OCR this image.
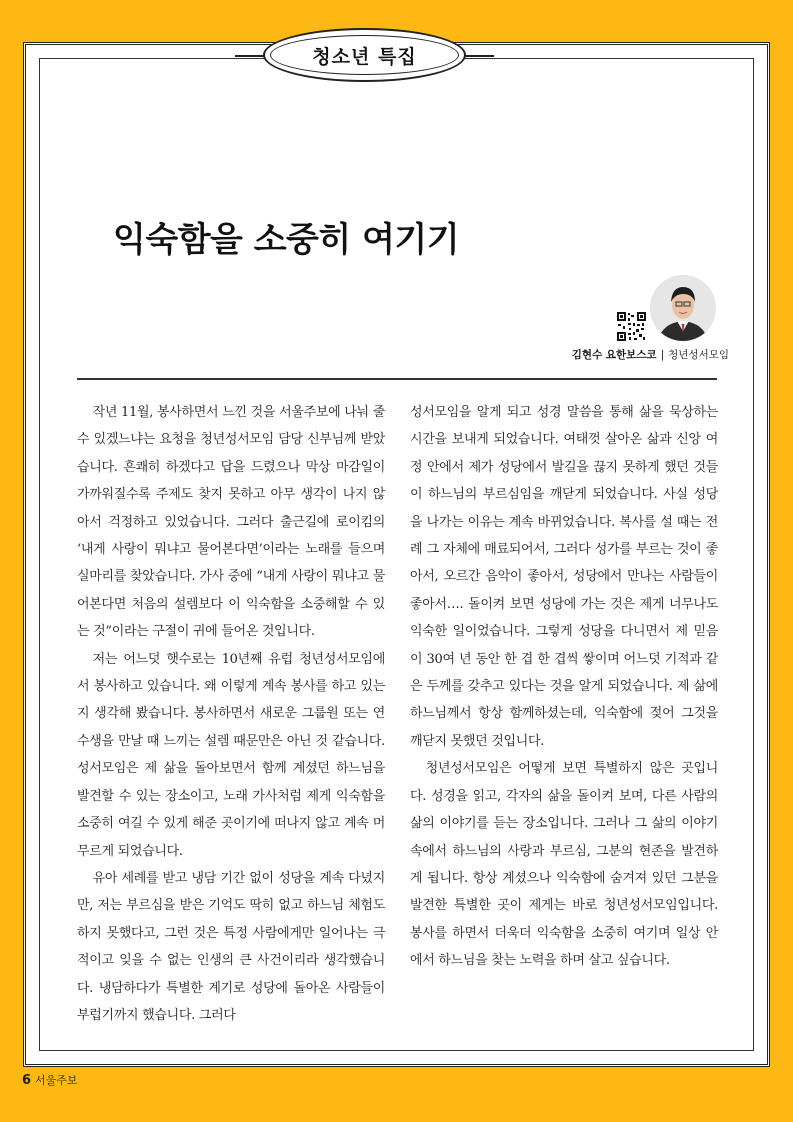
청소년 특집
익숙함을 소중히 여기기
김현수 요한보스코 | 청년성서모임

작년 11월, 봉사하면서 느낀 것을 서울주보에 나눠 줄 수 있겠느냐는 요청을 청년성서모임 담당 신부님께 받았습니다. 흔쾌히 하겠다고 답을 드렸으나 막상 마감일이 가까워질수록 주제도 찾지 못하고 아무 생각이 나지 않아서 걱정하고 있었습니다. 그러다 출근길에 로이킴의 ‘내게 사랑이 뭐냐고 물어본다면’이라는 노래를 들으며 실마리를 찾았습니다. 가사 중에 “내게 사랑이 뭐냐고 물어본다면 처음의 설렘보다 이 익숙함을 소중해할 수 있는 것”이라는 구절이 귀에 들어온 것입니다.

저는 어느덧 햇수로는 10년째 유럽 청년성서모임에서 봉사하고 있습니다. 왜 이렇게 계속 봉사를 하고 있는지 생각해 봤습니다. 봉사하면서 새로운 그룹원 또는 연수생을 만날 때 느끼는 설렘 때문만은 아닌 것 같습니다. 성서모임은 제 삶을 돌아보면서 함께 계셨던 하느님을 발견할 수 있는 장소이고, 노래 가사처럼 제게 익숙함을 소중히 여길 수 있게 해준 곳이기에 떠나지 않고 계속 머무르게 되었습니다.

유아 세례를 받고 냉담 기간 없이 성당을 계속 다녔지만, 저는 부르심을 받은 기억도 딱히 없고 하느님 체험도 하지 못했다고, 그런 것은 특정 사람에게만 일어나는 극적이고 잊을 수 없는 인생의 큰 사건이리라 생각했습니다. 냉담하다가 특별한 계기로 성당에 돌아온 사람들이 부럽기까지 했습니다. 그러다

성서모임을 알게 되고 성경 말씀을 통해 삶을 묵상하는 시간을 보내게 되었습니다. 여태껏 살아온 삶과 신앙 여정 안에서 제가 성당에서 발길을 끊지 못하게 했던 것들이 하느님의 부르심임을 깨닫게 되었습니다. 사실 성당을 나가는 이유는 계속 바뀌었습니다. 복사를 설 때는 전례 그 자체에 매료되어서, 그러다 성가를 부르는 것이 좋아서, 오르간 음악이 좋아서, 성당에서 만나는 사람들이 좋아서…. 돌이켜 보면 성당에 가는 것은 제게 너무나도 익숙한 일이었습니다. 그렇게 성당을 다니면서 제 믿음이 30여 년 동안 한 겹 한 겹씩 쌓이며 어느덧 기적과 같은 두께를 갖추고 있다는 것을 알게 되었습니다. 제 삶에 하느님께서 항상 함께하셨는데, 익숙함에 젖어 그것을 깨닫지 못했던 것입니다.

청년성서모임은 어떻게 보면 특별하지 않은 곳입니다. 성경을 읽고, 각자의 삶을 돌이켜 보며, 다른 사람의 삶의 이야기를 듣는 장소입니다. 그러나 그 삶의 이야기 속에서 하느님의 사랑과 부르심, 그분의 현존을 발견하게 됩니다. 항상 계셨으나 익숙함에 숨겨져 있던 그분을 발견한 특별한 곳이 제게는 바로 청년성서모임입니다. 봉사를 하면서 더욱더 익숙함을 소중히 여기며 일상 안에서 하느님을 찾는 노력을 하며 살고 싶습니다.

6 서울주보
